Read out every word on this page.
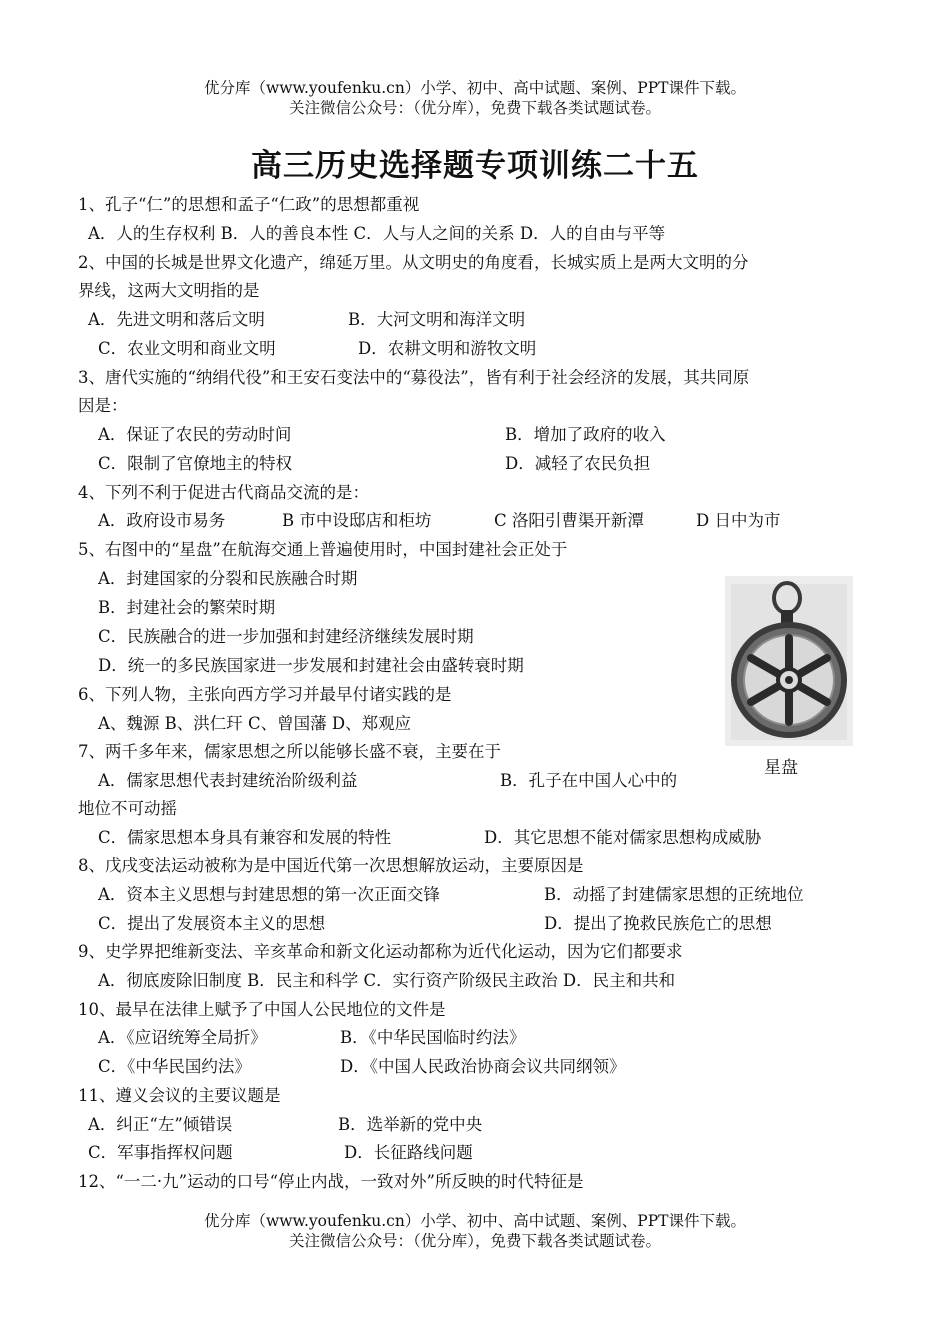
优分库（www.youfenku.cn）小学、初中、高中试题、案例、PPT课件下载。
关注微信公众号：（优分库），免费下载各类试题试卷。
高三历史选择题专项训练二十五
1、孔子“仁”的思想和孟子“仁政”的思想都重视
A．人的生存权利 B．人的善良本性 C．人与人之间的关系 D．人的自由与平等
2、中国的长城是世界文化遗产，绵延万里。从文明史的角度看，长城实质上是两大文明的分
界线，这两大文明指的是
A．先进文明和落后文明	B．大河文明和海洋文明
C．农业文明和商业文明	D．农耕文明和游牧文明
3、唐代实施的“纳绢代役”和王安石变法中的“募役法”，皆有利于社会经济的发展，其共同原
因是：
A．保证了农民的劳动时间	B．增加了政府的收入
C．限制了官僚地主的特权	D．减轻了农民负担
4、下列不利于促进古代商品交流的是：
A．政府设市易务	B 市中设邸店和柜坊	C 洛阳引曹渠开新潭	D 日中为市
5、右图中的“星盘”在航海交通上普遍使用时，中国封建社会正处于
A．封建国家的分裂和民族融合时期
B．封建社会的繁荣时期
C．民族融合的进一步加强和封建经济继续发展时期
D．统一的多民族国家进一步发展和封建社会由盛转衰时期
星盘
6、下列人物，主张向西方学习并最早付诸实践的是
A、魏源 B、洪仁玕 C、曾国藩 D、郑观应
7、两千多年来，儒家思想之所以能够长盛不衰，主要在于
A．儒家思想代表封建统治阶级利益	B．孔子在中国人心中的
地位不可动摇
C．儒家思想本身具有兼容和发展的特性	D．其它思想不能对儒家思想构成威胁
8、戊戌变法运动被称为是中国近代第一次思想解放运动，主要原因是
A．资本主义思想与封建思想的第一次正面交锋	B．动摇了封建儒家思想的正统地位
C．提出了发展资本主义的思想	D．提出了挽救民族危亡的思想
9、史学界把维新变法、辛亥革命和新文化运动都称为近代化运动，因为它们都要求
A．彻底废除旧制度 B．民主和科学 C．实行资产阶级民主政治 D．民主和共和
10、最早在法律上赋予了中国人公民地位的文件是
A．《应诏统筹全局折》	B．《中华民国临时约法》
C．《中华民国约法》	D．《中国人民政治协商会议共同纲领》
11、遵义会议的主要议题是
A．纠正“左”倾错误	B．选举新的党中央
C．军事指挥权问题	D．长征路线问题
12、“一二·九”运动的口号“停止内战，一致对外”所反映的时代特征是
优分库（www.youfenku.cn）小学、初中、高中试题、案例、PPT课件下载。
关注微信公众号：（优分库），免费下载各类试题试卷。
